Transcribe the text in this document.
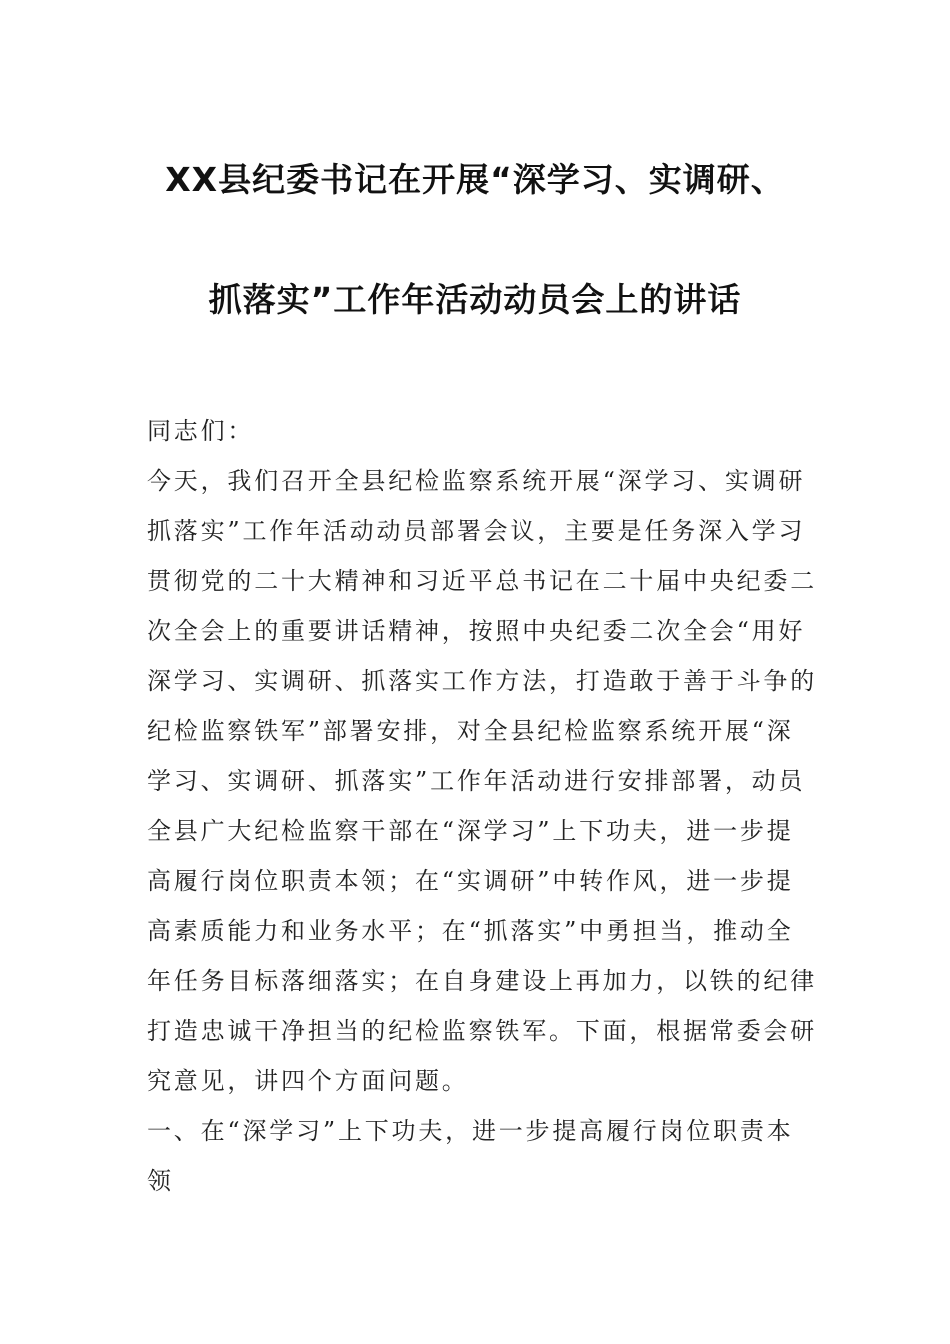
XX县纪委书记在开展“深学习、实调研、
抓落实”工作年活动动员会上的讲话
同志们：
今天，我们召开全县纪检监察系统开展“深学习、实调研
抓落实”工作年活动动员部署会议，主要是任务深入学习
贯彻党的二十大精神和习近平总书记在二十届中央纪委二
次全会上的重要讲话精神，按照中央纪委二次全会“用好
深学习、实调研、抓落实工作方法，打造敢于善于斗争的
纪检监察铁军”部署安排，对全县纪检监察系统开展“深
学习、实调研、抓落实”工作年活动进行安排部署，动员
全县广大纪检监察干部在“深学习”上下功夫，进一步提
高履行岗位职责本领；在“实调研”中转作风，进一步提
高素质能力和业务水平；在“抓落实”中勇担当，推动全
年任务目标落细落实；在自身建设上再加力，以铁的纪律
打造忠诚干净担当的纪检监察铁军。下面，根据常委会研
究意见，讲四个方面问题。
一、在“深学习”上下功夫，进一步提高履行岗位职责本
领
